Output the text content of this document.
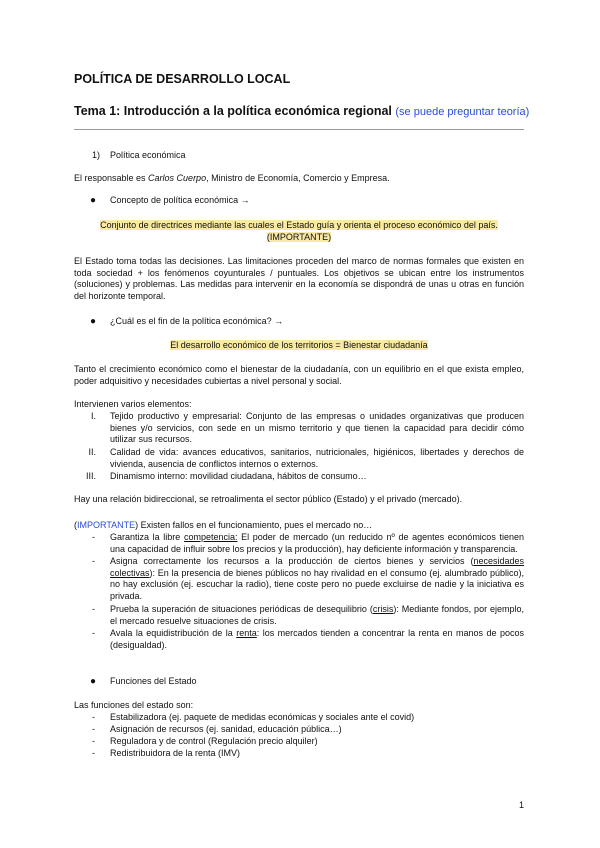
POLÍTICA DE DESARROLLO LOCAL
Tema 1: Introducción a la política económica regional (se puede preguntar teoría)
1) Política económica
El responsable es Carlos Cuerpo, Ministro de Economía, Comercio y Empresa.
● Concepto de política económica →
Conjunto de directrices mediante las cuales el Estado guía y orienta el proceso económico del país.
(IMPORTANTE)
El Estado toma todas las decisiones. Las limitaciones proceden del marco de normas formales que existen en toda sociedad + los fenómenos coyunturales / puntuales. Los objetivos se ubican entre los instrumentos (soluciones) y problemas. Las medidas para intervenir en la economía se dispondrá de unas u otras en función del horizonte temporal.
● ¿Cuál es el fin de la política económica? →
El desarrollo económico de los territorios = Bienestar ciudadanía
Tanto el crecimiento económico como el bienestar de la ciudadanía, con un equilibrio en el que exista empleo, poder adquisitivo y necesidades cubiertas a nivel personal y social.
Intervienen varios elementos:
I. Tejido productivo y empresarial: Conjunto de las empresas o unidades organizativas que producen bienes y/o servicios, con sede en un mismo territorio y que tienen la capacidad para decidir cómo utilizar sus recursos.
II. Calidad de vida: avances educativos, sanitarios, nutricionales, higiénicos, libertades y derechos de vivienda, ausencia de conflictos internos o externos.
III. Dinamismo interno: movilidad ciudadana, hábitos de consumo…
Hay una relación bidireccional, se retroalimenta el sector público (Estado) y el privado (mercado).
(IMPORTANTE) Existen fallos en el funcionamiento, pues el mercado no…
- Garantiza la libre competencia: El poder de mercado (un reducido nº de agentes económicos tienen una capacidad de influir sobre los precios y la producción), hay deficiente información y transparencia.
- Asigna correctamente los recursos a la producción de ciertos bienes y servicios (necesidades colectivas): En la presencia de bienes públicos no hay rivalidad en el consumo (ej. alumbrado público), no hay exclusión (ej. escuchar la radio), tiene coste pero no puede excluirse de nadie y la iniciativa es privada.
- Prueba la superación de situaciones periódicas de desequilibrio (crisis): Mediante fondos, por ejemplo, el mercado resuelve situaciones de crisis.
- Avala la equidistribución de la renta: los mercados tienden a concentrar la renta en manos de pocos (desigualdad).
● Funciones del Estado
Las funciones del estado son:
- Estabilizadora (ej. paquete de medidas económicas y sociales ante el covid)
- Asignación de recursos (ej. sanidad, educación pública…)
- Reguladora y de control (Regulación precio alquiler)
- Redistribuidora de la renta (IMV)
1
